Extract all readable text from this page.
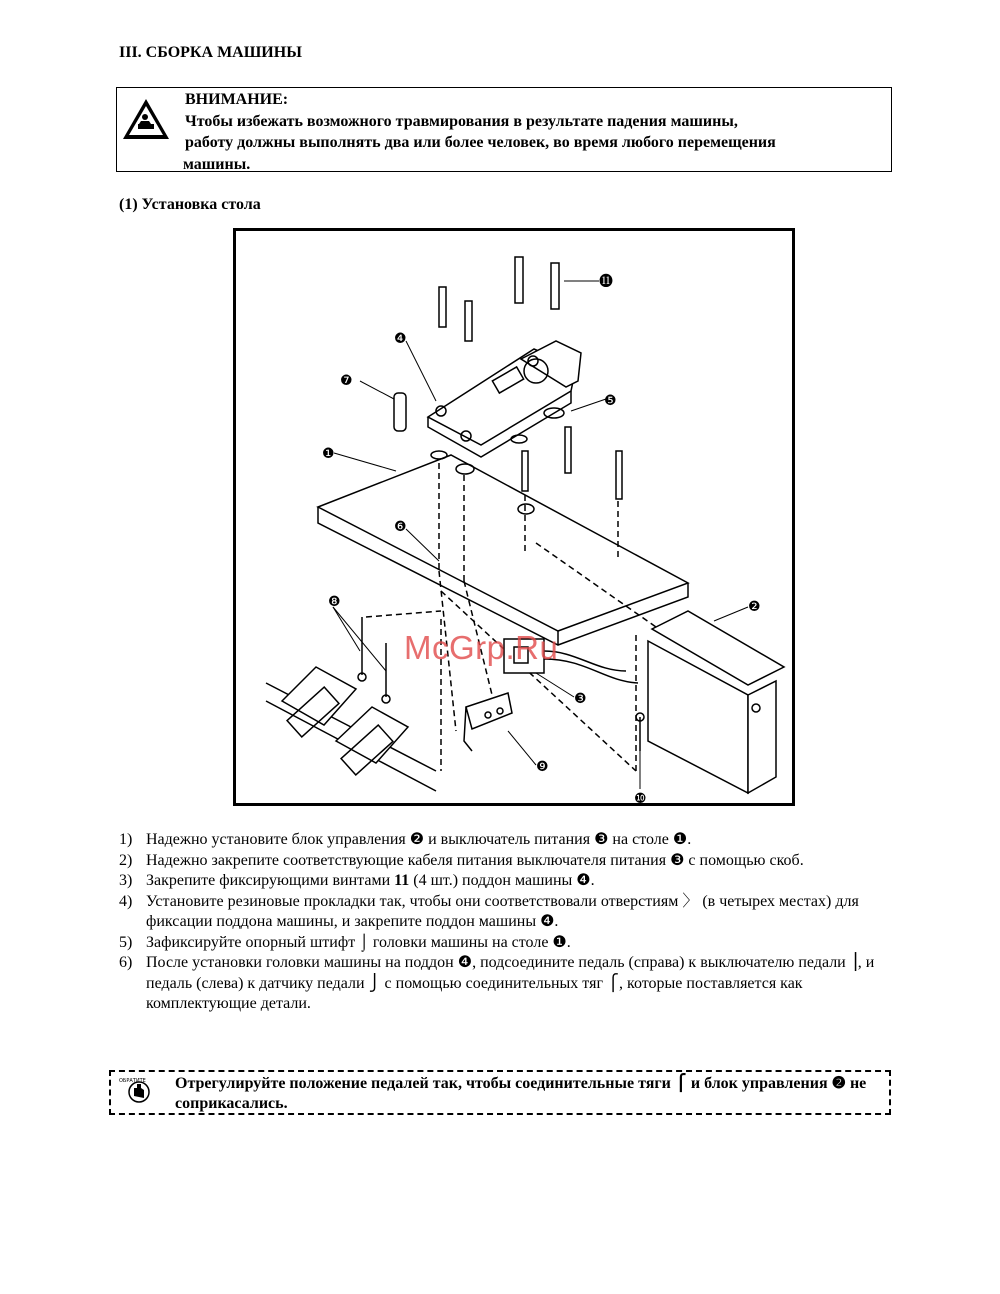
III. СБОРКА МАШИНЫ
ВНИМАНИЕ:
Чтобы избежать возможного травмирования в результате падения машины,
работу должны выполнять два или более человек, во время любого перемещения
машины.
(1) Установка стола
⓫
❹
❼
❺
❶
❻
❷
❸
❽
❾
❿
McGrp.Ru
1) Надежно установите блок управления ❷ и выключатель питания ❸ на столе ❶.
2) Надежно закрепите соответствующие кабеля питания выключателя питания ❸ с помощью скоб.
3) Закрепите фиксирующими винтами 11 (4 шт.) поддон машины ❹.
4) Установите резиновые прокладки так, чтобы они соответствовали отверстиям 〉 (в четырех местах) для фиксации поддона машины, и закрепите поддон машины ❹.
5) Зафиксируйте опорный штифт ⌡ головки машины на столе ❶.
6) После установки головки машины на поддон ❹, подсоедините педаль (справа) к выключателю педали ⎥, и педаль (слева) к датчику педали ⎭ с помощью соединительных тяг ⎧, которые поставляется как комплектующие детали.
ОБРАТИТЕ Отрегулируйте положение педалей так, чтобы соединительные тяги ⎧ и блок управления ❷ не соприкасались.
